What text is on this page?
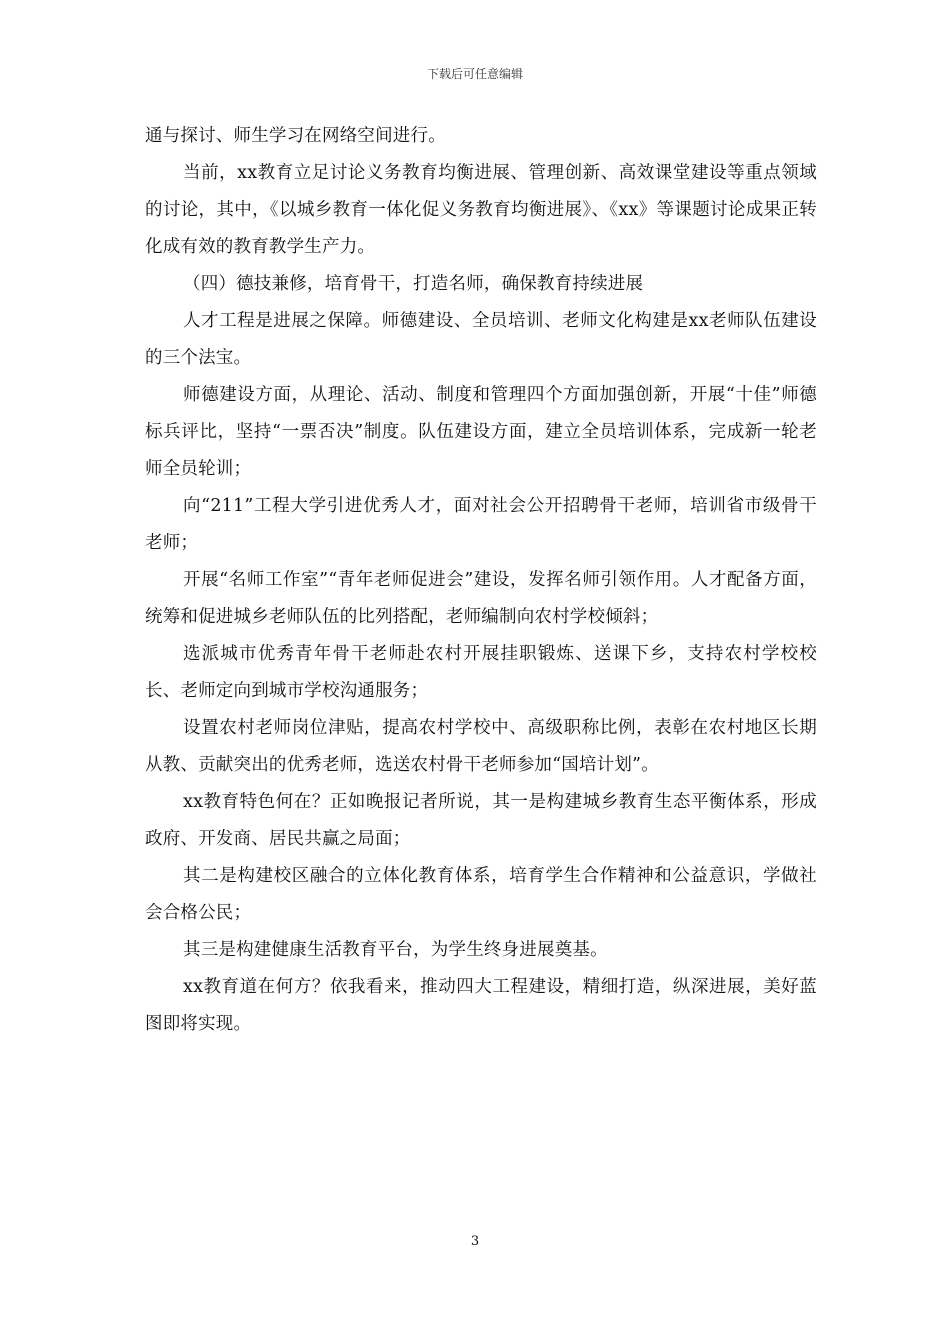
下载后可任意编辑

通与探讨、师生学习在网络空间进行。

当前，xx教育立足讨论义务教育均衡进展、管理创新、高效课堂建设等重点领域的讨论，其中，《以城乡教育一体化促义务教育均衡进展》、《xx》等课题讨论成果正转化成有效的教育教学生产力。

（四）德技兼修，培育骨干，打造名师，确保教育持续进展

人才工程是进展之保障。师德建设、全员培训、老师文化构建是xx老师队伍建设的三个法宝。

师德建设方面，从理论、活动、制度和管理四个方面加强创新，开展“十佳”师德标兵评比，坚持“一票否决”制度。队伍建设方面，建立全员培训体系，完成新一轮老师全员轮训；

向“211”工程大学引进优秀人才，面对社会公开招聘骨干老师，培训省市级骨干老师；

开展“名师工作室”“青年老师促进会”建设，发挥名师引领作用。人才配备方面，统筹和促进城乡老师队伍的比列搭配，老师编制向农村学校倾斜；

选派城市优秀青年骨干老师赴农村开展挂职锻炼、送课下乡，支持农村学校校长、老师定向到城市学校沟通服务；

设置农村老师岗位津贴，提高农村学校中、高级职称比例，表彰在农村地区长期从教、贡献突出的优秀老师，选送农村骨干老师参加“国培计划”。

xx教育特色何在？正如晚报记者所说，其一是构建城乡教育生态平衡体系，形成政府、开发商、居民共赢之局面；

其二是构建校区融合的立体化教育体系，培育学生合作精神和公益意识，学做社会合格公民；

其三是构建健康生活教育平台，为学生终身进展奠基。

xx教育道在何方？依我看来，推动四大工程建设，精细打造，纵深进展，美好蓝图即将实现。

3
